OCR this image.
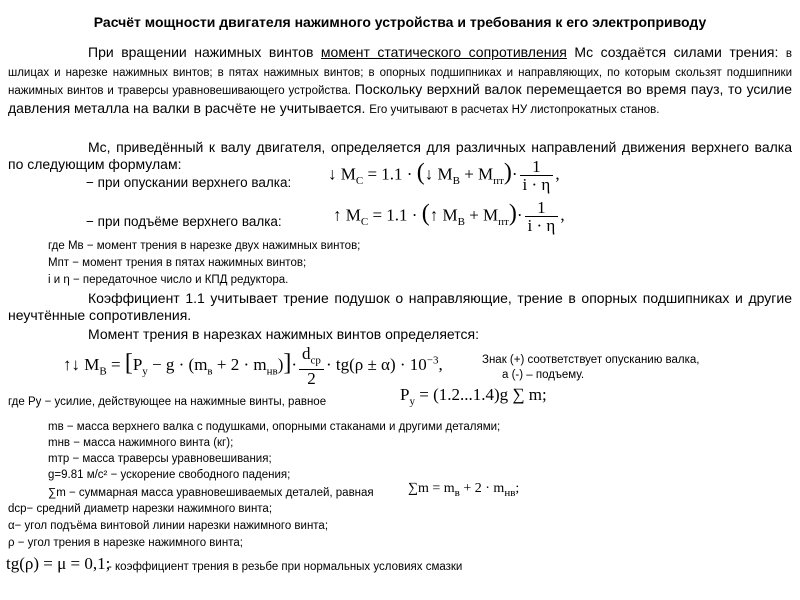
Расчёт мощности двигателя нажимного устройства и требования к его электроприводу
При вращении нажимных винтов момент статического сопротивления Мc создаётся силами трения: в шлицах и нарезке нажимных винтов; в пятах нажимных винтов; в опорных подшипниках и направляющих, по которым скользят подшипники нажимных винтов и траверсы уравновешивающего устройства. Поскольку верхний валок перемещается во время пауз, то усилие давления металла на валки в расчёте не учитывается. Его учитывают в расчетах НУ листопрокатных станов.
Мc, приведённый к валу двигателя, определяется для различных направлений движения верхнего валка по следующим формулам:
− при опускании верхнего валка: ↓ $M_C = 1.1$ · (↓ $M_B + M_{пт})\cdot \frac{1}{i \cdot \eta}$ ,
− при подъёме верхнего валка:	↑ $M_C = 1.1$ · (↑ $M_B + M_{пт})\cdot \frac{1}{i \cdot \eta}$ ,
где Мв − момент трения в нарезке двух нажимных винтов;
Мпт − момент трения в пятах нажимных винтов;
i и η − передаточное число и КПД редуктора.
Коэффициент 1.1 учитывает трение подушок о направляющие, трение в опорных подшипниках и другие неучтённые сопротивления.
Момент трения в нарезках нажимных винтов определяется:
↑↓ $M_B = [P_y - g \cdot (m_в + 2 \cdot m_{нв})]\cdot \frac{d_{ср}}{2} \cdot tg(\rho \pm \alpha) \cdot 10^{-3}$,	Знак (+) соответствует опусканию валка,
а (-) – подъему.
где Py − усилие, действующее на нажимные винты, равное	$P_y = (1.2...1.4)g$ ∑ m;
mв − масса верхнего валка с подушками, опорными стаканами и другими деталями;
mнв − масса нажимного винта (кг);
mтр − масса траверсы уравновешивания;
g=9.81 м/с² − ускорение свободного падения;
∑m − суммарная масса уравновешиваемых деталей, равная $\sum m = m_в + 2 \cdot m_{нв}$;
dср− средний диаметр нарезки нажимного винта;
α− угол подъёма винтовой линии нарезки нажимного винта;
ρ − угол трения в нарезке нажимного винта;
tg(ρ) = μ = 0,1;
- коэффициент трения в резьбе при нормальных условиях смазки
